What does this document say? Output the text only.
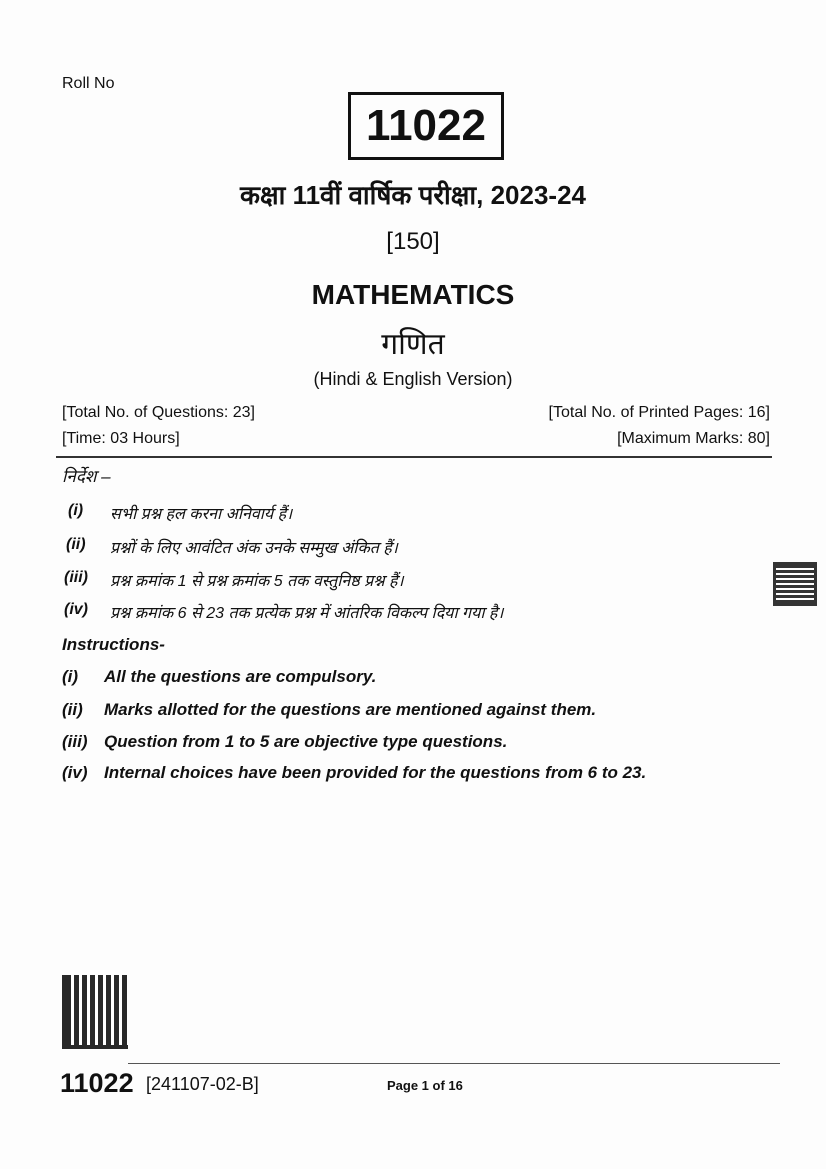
Roll No
11022
कक्षा 11वीं वार्षिक परीक्षा, 2023-24
[150]
MATHEMATICS
गणित
(Hindi & English Version)
[Total No. of Questions: 23]	[Total No. of Printed Pages: 16]
[Time: 03 Hours]	[Maximum Marks: 80]
निर्देश –
(i) सभी प्रश्न हल करना अनिवार्य हैं।
(ii) प्रश्नों के लिए आवंटित अंक उनके सम्मुख अंकित हैं।
(iii) प्रश्न क्रमांक 1 से प्रश्न क्रमांक 5 तक वस्तुनिष्ठ प्रश्न हैं।
(iv) प्रश्न क्रमांक 6 से 23 तक प्रत्येक प्रश्न में आंतरिक विकल्प दिया गया है।
Instructions-
(i) All the questions are compulsory.
(ii) Marks allotted for the questions are mentioned against them.
(iii) Question from 1 to 5 are objective type questions.
(iv) Internal choices have been provided for the questions from 6 to 23.
11022 [241107-02-B]	Page 1 of 16
